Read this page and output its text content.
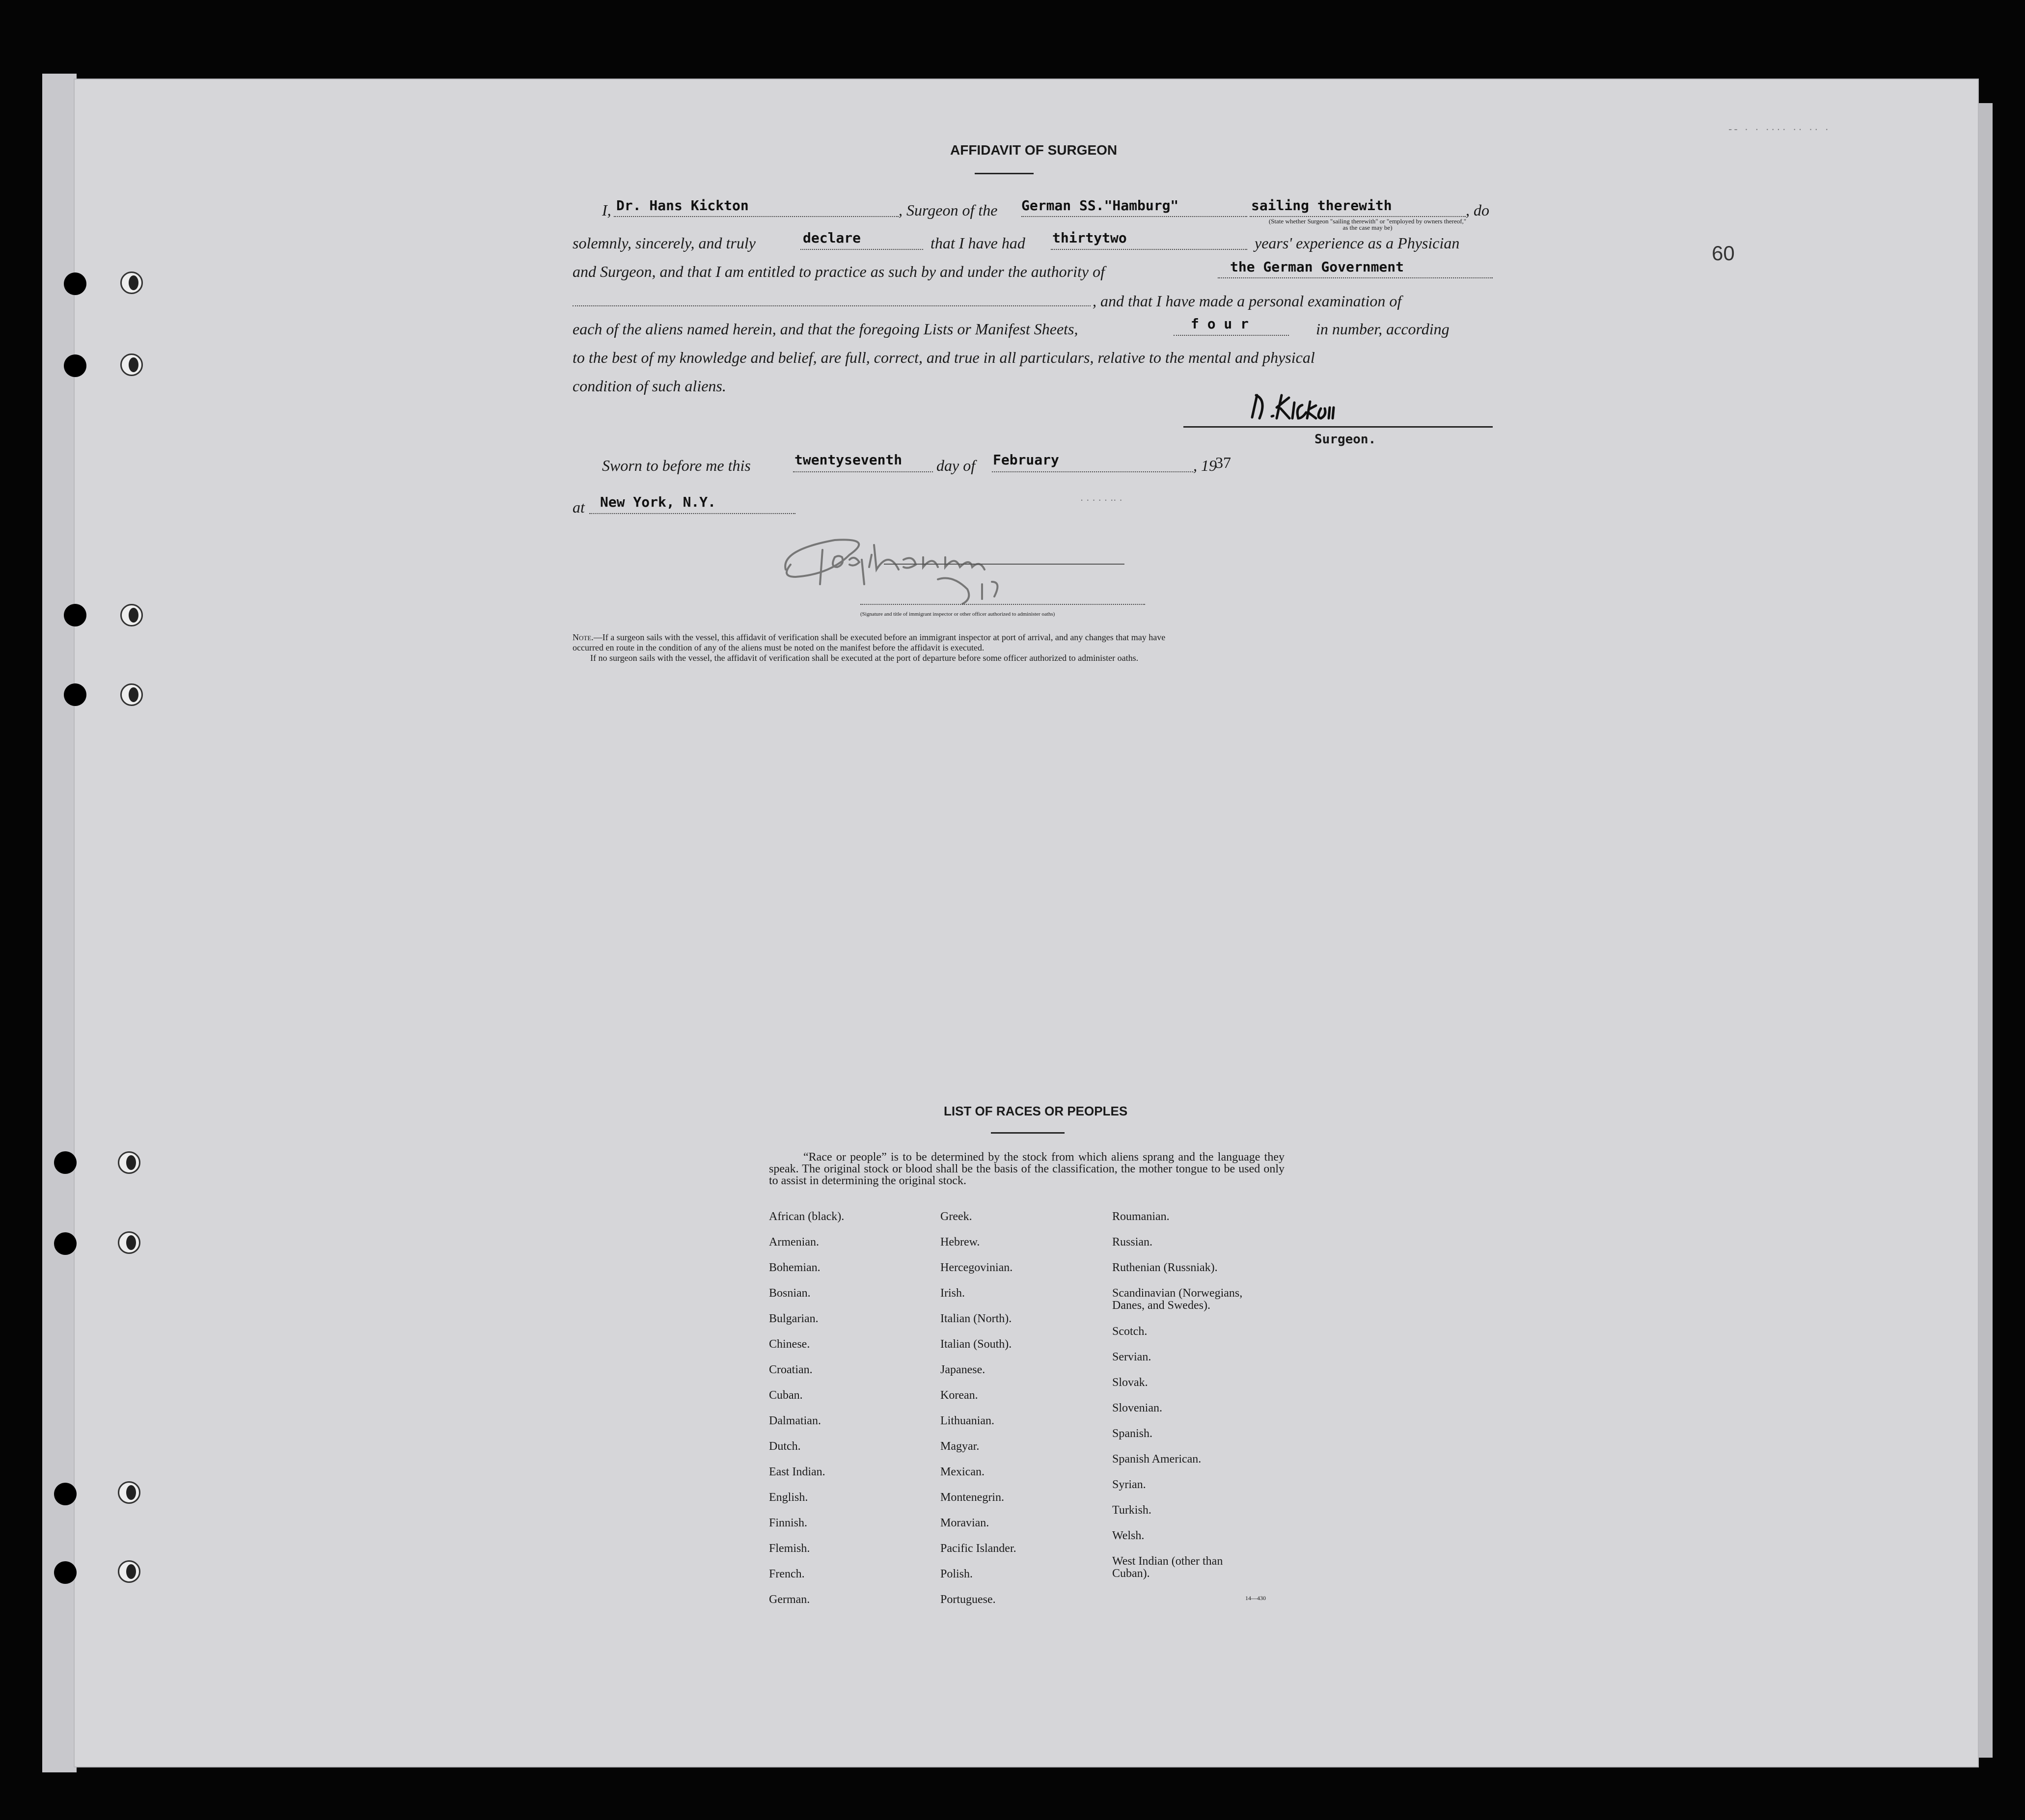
-- · · ···· ·· ·· ·
. . . . . .. .
60
AFFIDAVIT OF SURGEON
I, Dr. Hans Kickton	, Surgeon of the German SS."Hamburg"	sailing therewith	, do
(State whether Surgeon "sailing therewith" or "employed by owners thereof," as the case may be)
solemnly, sincerely, and truly	declare	that I have had thirtytwo	years' experience as a Physician
and Surgeon, and that I am entitled to practice as such by and under the authority of	the German Government
, and that I have made a personal examination of
each of the aliens named herein, and that the foregoing Lists or Manifest Sheets,	f o u r	in number, according
to the best of my knowledge and belief, are full, correct, and true in all particulars, relative to the mental and physical
condition of such aliens.
Surgeon.
Sworn to before me this	twentyseventh day of February	, 19
37
at New York, N.Y.
(Signature and title of immigrant inspector or other officer authorized to administer oaths)
Note.—If a surgeon sails with the vessel, this affidavit of verification shall be executed before an immigrant inspector at port of arrival, and any changes that may have
occurred en route in the condition of any of the aliens must be noted on the manifest before the affidavit is executed.
If no surgeon sails with the vessel, the affidavit of verification shall be executed at the port of departure before some officer authorized to administer oaths.
LIST OF RACES OR PEOPLES
“Race or people” is to be determined by the stock from which aliens sprang and the language they speak. The original stock or blood shall be the basis of the classification, the mother tongue to be used only to assist in determining the original stock.
African (black).
Armenian.
Bohemian.
Bosnian.
Bulgarian.
Chinese.
Croatian.
Cuban.
Dalmatian.
Dutch.
East Indian.
English.
Finnish.
Flemish.
French.
German.
Greek.
Hebrew.
Hercegovinian.
Irish.
Italian (North).
Italian (South).
Japanese.
Korean.
Lithuanian.
Magyar.
Mexican.
Montenegrin.
Moravian.
Pacific Islander.
Polish.
Portuguese.
Roumanian.
Russian.
Ruthenian (Russniak).
Scandinavian (Norwegians,
Danes, and Swedes).
Scotch.
Servian.
Slovak.
Slovenian.
Spanish.
Spanish American.
Syrian.
Turkish.
Welsh.
West Indian (other than
Cuban).
14—430
